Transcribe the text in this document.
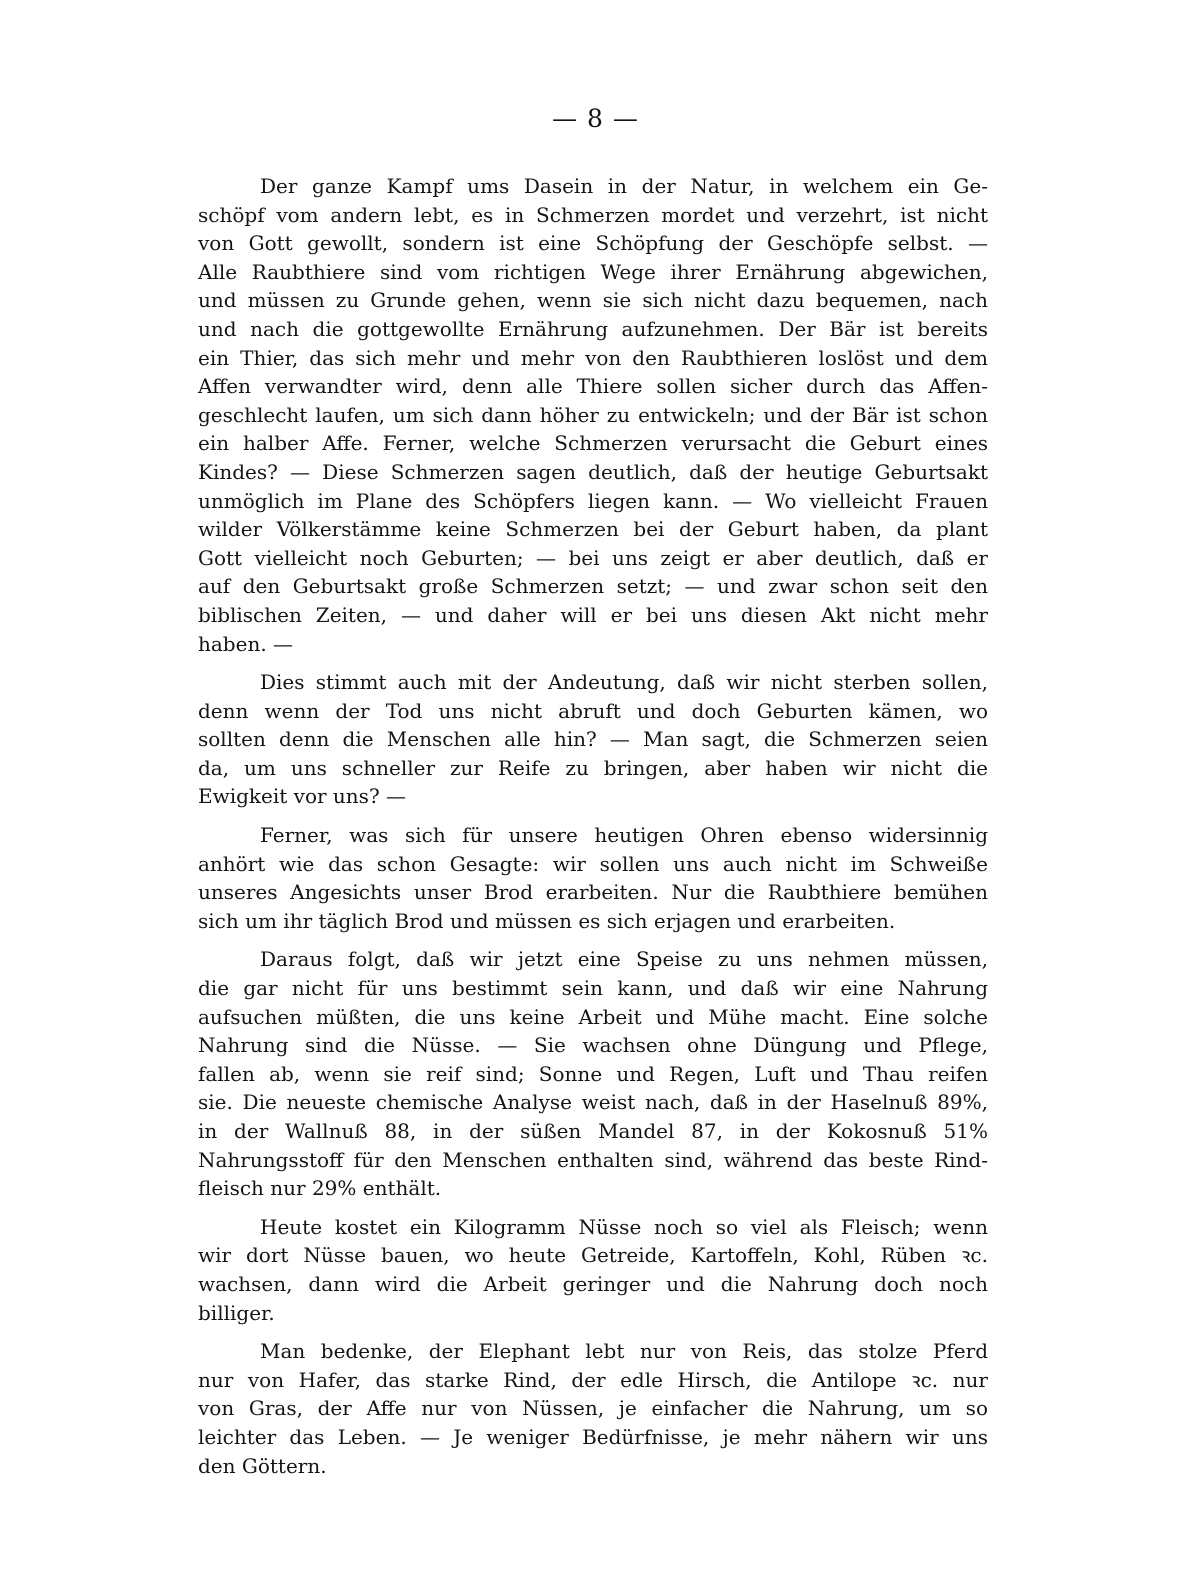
— 8 —

Der ganze Kampf ums Dasein in der Natur, in welchem ein Ge-
schöpf vom andern lebt, es in Schmerzen mordet und verzehrt, ist nicht
von Gott gewollt, sondern ist eine Schöpfung der Geschöpfe selbst. —
Alle Raubthiere sind vom richtigen Wege ihrer Ernährung abgewichen,
und müssen zu Grunde gehen, wenn sie sich nicht dazu bequemen, nach
und nach die gottgewollte Ernährung aufzunehmen. Der Bär ist bereits
ein Thier, das sich mehr und mehr von den Raubthieren loslöst und dem
Affen verwandter wird, denn alle Thiere sollen sicher durch das Affen-
geschlecht laufen, um sich dann höher zu entwickeln; und der Bär ist schon
ein halber Affe. Ferner, welche Schmerzen verursacht die Geburt eines
Kindes? — Diese Schmerzen sagen deutlich, daß der heutige Geburtsakt
unmöglich im Plane des Schöpfers liegen kann. — Wo vielleicht Frauen
wilder Völkerstämme keine Schmerzen bei der Geburt haben, da plant
Gott vielleicht noch Geburten; — bei uns zeigt er aber deutlich, daß er
auf den Geburtsakt große Schmerzen setzt; — und zwar schon seit den
biblischen Zeiten, — und daher will er bei uns diesen Akt nicht mehr
haben. —

Dies stimmt auch mit der Andeutung, daß wir nicht sterben sollen,
denn wenn der Tod uns nicht abruft und doch Geburten kämen, wo
sollten denn die Menschen alle hin? — Man sagt, die Schmerzen seien
da, um uns schneller zur Reife zu bringen, aber haben wir nicht die
Ewigkeit vor uns? —

Ferner, was sich für unsere heutigen Ohren ebenso widersinnig
anhört wie das schon Gesagte: wir sollen uns auch nicht im Schweiße
unseres Angesichts unser Brod erarbeiten. Nur die Raubthiere bemühen
sich um ihr täglich Brod und müssen es sich erjagen und erarbeiten.

Daraus folgt, daß wir jetzt eine Speise zu uns nehmen müssen,
die gar nicht für uns bestimmt sein kann, und daß wir eine Nahrung
aufsuchen müßten, die uns keine Arbeit und Mühe macht. Eine solche
Nahrung sind die Nüsse. — Sie wachsen ohne Düngung und Pflege,
fallen ab, wenn sie reif sind; Sonne und Regen, Luft und Thau reifen
sie. Die neueste chemische Analyse weist nach, daß in der Haselnuß 89%,
in der Wallnuß 88, in der süßen Mandel 87, in der Kokosnuß 51%
Nahrungsstoff für den Menschen enthalten sind, während das beste Rind-
fleisch nur 29% enthält.

Heute kostet ein Kilogramm Nüsse noch so viel als Fleisch; wenn
wir dort Nüsse bauen, wo heute Getreide, Kartoffeln, Kohl, Rüben ꝛc.
wachsen, dann wird die Arbeit geringer und die Nahrung doch noch
billiger.

Man bedenke, der Elephant lebt nur von Reis, das stolze Pferd
nur von Hafer, das starke Rind, der edle Hirsch, die Antilope ꝛc. nur
von Gras, der Affe nur von Nüssen, je einfacher die Nahrung, um so
leichter das Leben. — Je weniger Bedürfnisse, je mehr nähern wir uns
den Göttern.
